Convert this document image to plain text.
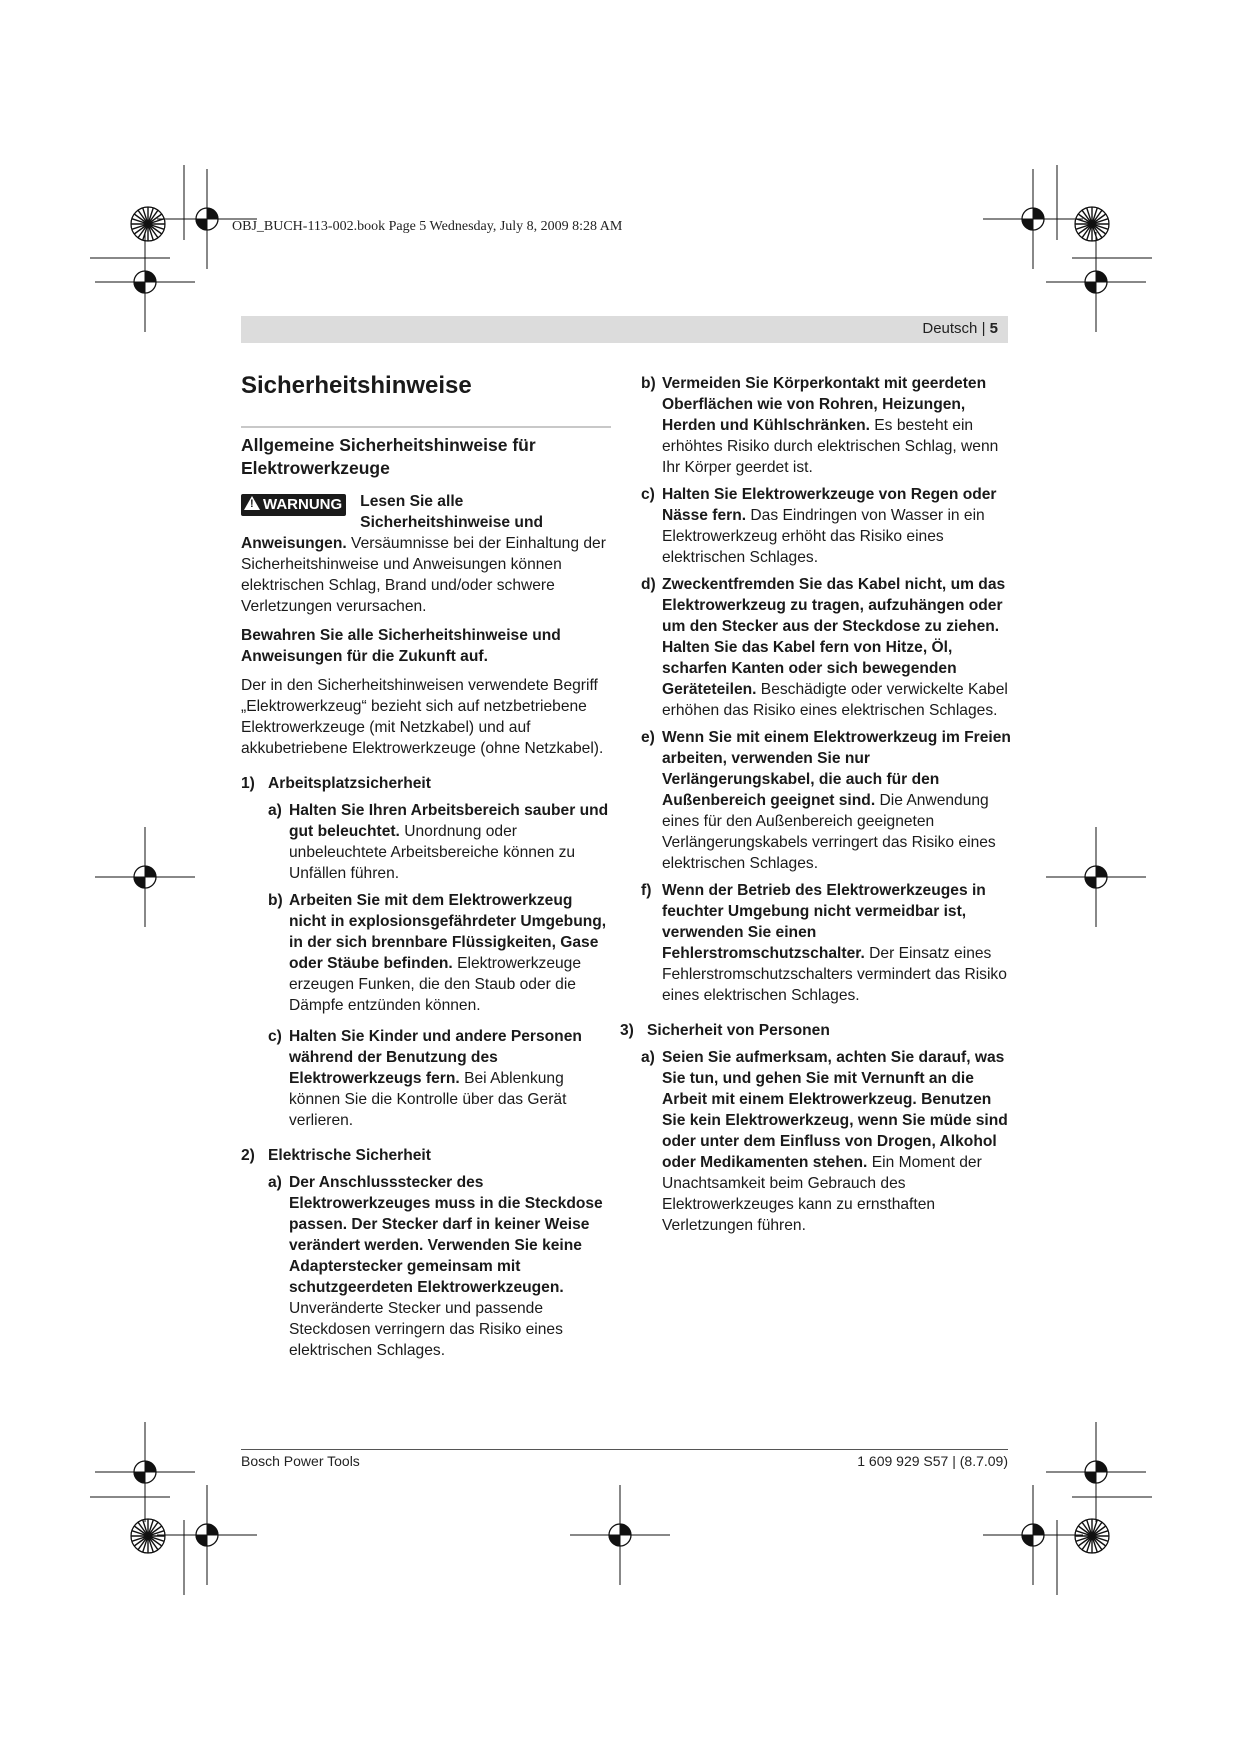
OBJ_BUCH-113-002.book Page 5 Wednesday, July 8, 2009 8:28 AM
Deutsch | 5
Sicherheitshinweise
Allgemeine Sicherheitshinweise für Elektrowerkzeuge

! WARNUNG Lesen Sie alle Sicherheitshinweise und Anweisungen. Versäumnisse bei der Einhaltung der Sicherheitshinweise und Anweisungen können elektrischen Schlag, Brand und/oder schwere Verletzungen verursachen.

Bewahren Sie alle Sicherheitshinweise und Anweisungen für die Zukunft auf.

Der in den Sicherheitshinweisen verwendete Begriff „Elektrowerkzeug“ bezieht sich auf netzbetriebene Elektrowerkzeuge (mit Netzkabel) und auf akkubetriebene Elektrowerkzeuge (ohne Netzkabel).

1) Arbeitsplatzsicherheit
a) Halten Sie Ihren Arbeitsbereich sauber und gut beleuchtet. Unordnung oder unbeleuchtete Arbeitsbereiche können zu Unfällen führen.
b) Arbeiten Sie mit dem Elektrowerkzeug nicht in explosionsgefährdeter Umgebung, in der sich brennbare Flüssigkeiten, Gase oder Stäube befinden. Elektrowerkzeuge erzeugen Funken, die den Staub oder die Dämpfe entzünden können.
c) Halten Sie Kinder und andere Personen während der Benutzung des Elektrowerkzeugs fern. Bei Ablenkung können Sie die Kontrolle über das Gerät verlieren.
2) Elektrische Sicherheit
a) Der Anschlussstecker des Elektrowerkzeuges muss in die Steckdose passen. Der Stecker darf in keiner Weise verändert werden. Verwenden Sie keine Adapterstecker gemeinsam mit schutzgeerdeten Elektrowerkzeugen. Unveränderte Stecker und passende Steckdosen verringern das Risiko eines elektrischen Schlages.
b) Vermeiden Sie Körperkontakt mit geerdeten Oberflächen wie von Rohren, Heizungen, Herden und Kühlschränken. Es besteht ein erhöhtes Risiko durch elektrischen Schlag, wenn Ihr Körper geerdet ist.
c) Halten Sie Elektrowerkzeuge von Regen oder Nässe fern. Das Eindringen von Wasser in ein Elektrowerkzeug erhöht das Risiko eines elektrischen Schlages.
d) Zweckentfremden Sie das Kabel nicht, um das Elektrowerkzeug zu tragen, aufzuhängen oder um den Stecker aus der Steckdose zu ziehen. Halten Sie das Kabel fern von Hitze, Öl, scharfen Kanten oder sich bewegenden Geräteteilen. Beschädigte oder verwickelte Kabel erhöhen das Risiko eines elektrischen Schlages.
e) Wenn Sie mit einem Elektrowerkzeug im Freien arbeiten, verwenden Sie nur Verlängerungskabel, die auch für den Außenbereich geeignet sind. Die Anwendung eines für den Außenbereich geeigneten Verlängerungskabels verringert das Risiko eines elektrischen Schlages.
f) Wenn der Betrieb des Elektrowerkzeuges in feuchter Umgebung nicht vermeidbar ist, verwenden Sie einen Fehlerstromschutzschalter. Der Einsatz eines Fehlerstromschutzschalters vermindert das Risiko eines elektrischen Schlages.
3) Sicherheit von Personen
a) Seien Sie aufmerksam, achten Sie darauf, was Sie tun, und gehen Sie mit Vernunft an die Arbeit mit einem Elektrowerkzeug. Benutzen Sie kein Elektrowerkzeug, wenn Sie müde sind oder unter dem Einfluss von Drogen, Alkohol oder Medikamenten stehen. Ein Moment der Unachtsamkeit beim Gebrauch des Elektrowerkzeuges kann zu ernsthaften Verletzungen führen.
Bosch Power Tools	1 609 929 S57 | (8.7.09)
